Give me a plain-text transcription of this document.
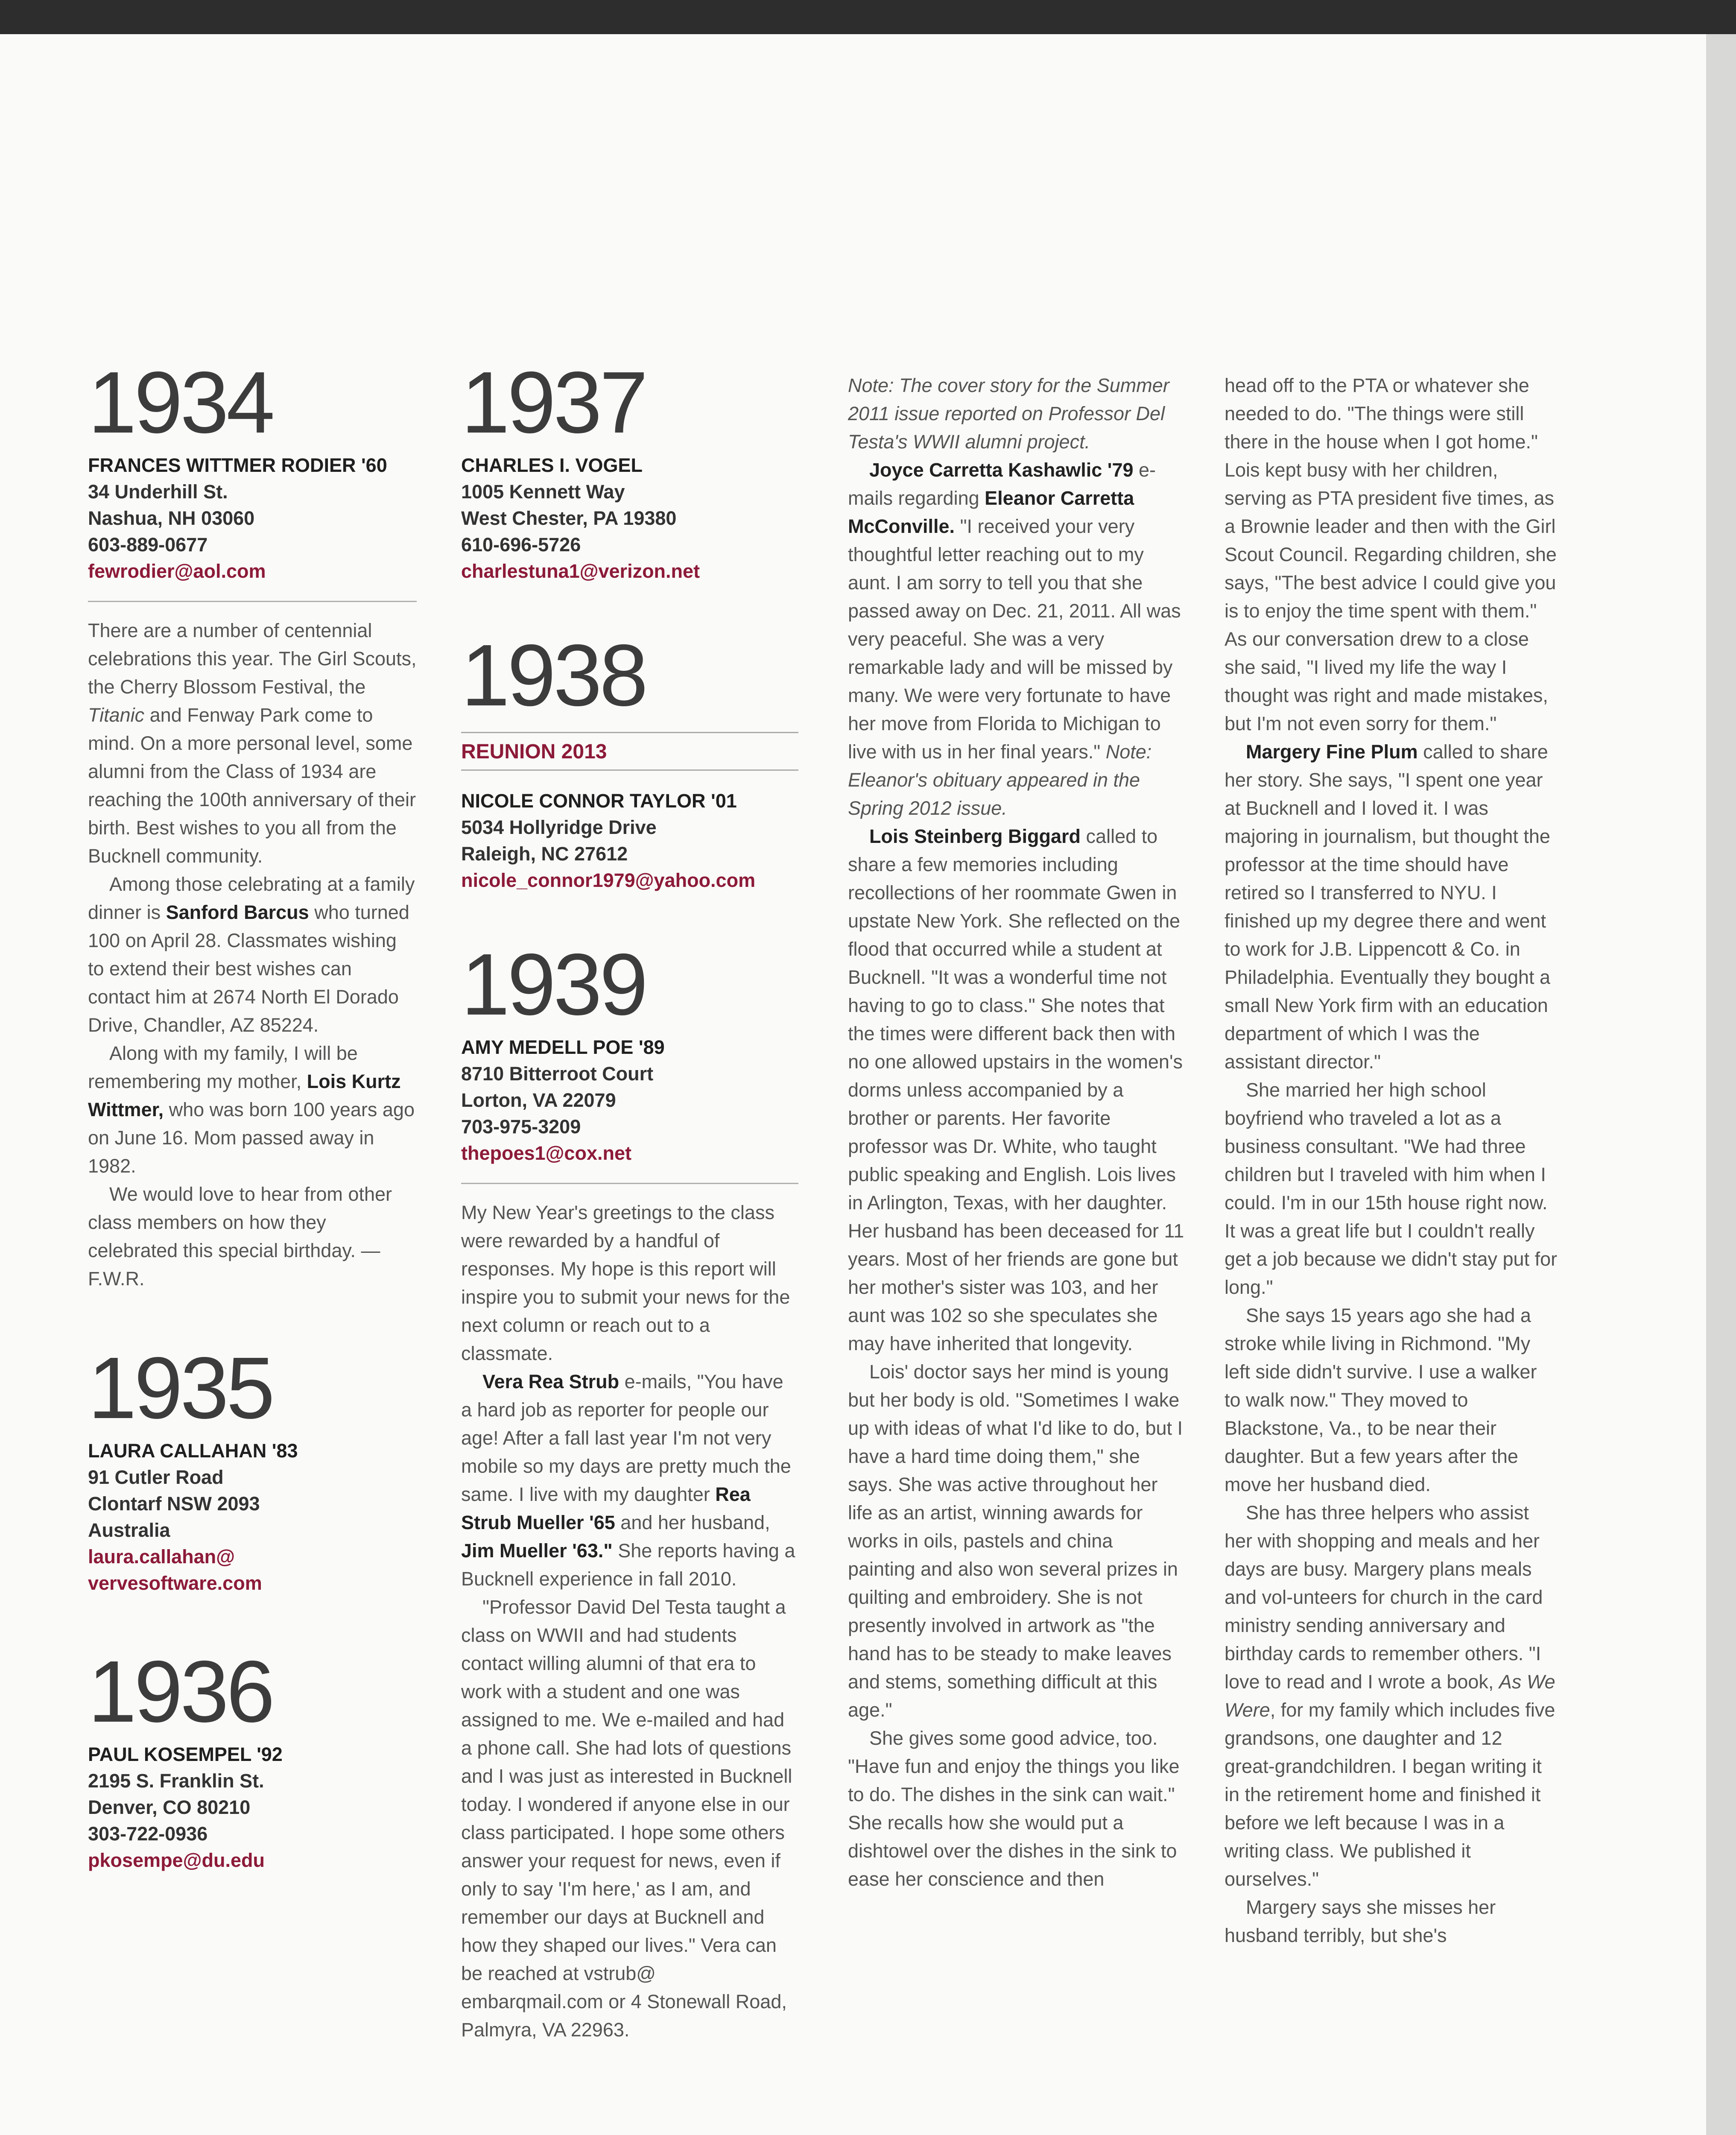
1934
FRANCES WITTMER RODIER '60
34 Underhill St.
Nashua, NH 03060
603-889-0677
fewrodier@aol.com

There are a number of centennial celebrations this year. The Girl Scouts, the Cherry Blossom Festival, the Titanic and Fenway Park come to mind. On a more personal level, some alumni from the Class of 1934 are reaching the 100th anniversary of their birth. Best wishes to you all from the Bucknell community.

Among those celebrating at a family dinner is Sanford Barcus who turned 100 on April 28. Classmates wishing to extend their best wishes can contact him at 2674 North El Dorado Drive, Chandler, AZ 85224.

Along with my family, I will be remembering my mother, Lois Kurtz Wittmer, who was born 100 years ago on June 16. Mom passed away in 1982.

We would love to hear from other class members on how they celebrated this special birthday. — F.W.R.

1935
LAURA CALLAHAN '83
91 Cutler Road
Clontarf NSW 2093
Australia
laura.callahan@
vervesoftware.com
1936
PAUL KOSEMPEL '92
2195 S. Franklin St.
Denver, CO 80210
303-722-0936
pkosempe@du.edu
1937
CHARLES I. VOGEL
1005 Kennett Way
West Chester, PA 19380
610-696-5726
charlestuna1@verizon.net
1938
REUNION 2013
NICOLE CONNOR TAYLOR '01
5034 Hollyridge Drive
Raleigh, NC 27612
nicole_connor1979@yahoo.com
1939
AMY MEDELL POE '89
8710 Bitterroot Court
Lorton, VA 22079
703-975-3209
thepoes1@cox.net

My New Year's greetings to the class were rewarded by a handful of responses. My hope is this report will inspire you to submit your news for the next column or reach out to a classmate.

Vera Rea Strub e-mails, "You have a hard job as reporter for people our age! After a fall last year I'm not very mobile so my days are pretty much the same. I live with my daughter Rea Strub Mueller '65 and her husband, Jim Mueller '63." She reports having a Bucknell experience in fall 2010.

"Professor David Del Testa taught a class on WWII and had students contact willing alumni of that era to work with a student and one was assigned to me. We e-mailed and had a phone call. She had lots of questions and I was just as interested in Bucknell today. I wondered if anyone else in our class participated. I hope some others answer your request for news, even if only to say 'I'm here,' as I am, and remember our days at Bucknell and how they shaped our lives." Vera can be reached at vstrub@ embarqmail.com or 4 Stonewall Road, Palmyra, VA 22963.

Note: The cover story for the Summer 2011 issue reported on Professor Del Testa's WWII alumni project.

Joyce Carretta Kashawlic '79 e-mails regarding Eleanor Carretta McConville. "I received your very thoughtful letter reaching out to my aunt. I am sorry to tell you that she passed away on Dec. 21, 2011. All was very peaceful. She was a very remarkable lady and will be missed by many. We were very fortunate to have her move from Florida to Michigan to live with us in her final years." Note: Eleanor's obituary appeared in the Spring 2012 issue.

Lois Steinberg Biggard called to share a few memories including recollections of her roommate Gwen in upstate New York. She reflected on the flood that occurred while a student at Bucknell. "It was a wonderful time not having to go to class." She notes that the times were different back then with no one allowed upstairs in the women's dorms unless accompanied by a brother or parents. Her favorite professor was Dr. White, who taught public speaking and English. Lois lives in Arlington, Texas, with her daughter. Her husband has been deceased for 11 years. Most of her friends are gone but her mother's sister was 103, and her aunt was 102 so she speculates she may have inherited that longevity.

Lois' doctor says her mind is young but her body is old. "Sometimes I wake up with ideas of what I'd like to do, but I have a hard time doing them," she says. She was active throughout her life as an artist, winning awards for works in oils, pastels and china painting and also won several prizes in quilting and embroidery. She is not presently involved in artwork as "the hand has to be steady to make leaves and stems, something difficult at this age."

She gives some good advice, too. "Have fun and enjoy the things you like to do. The dishes in the sink can wait." She recalls how she would put a dishtowel over the dishes in the sink to ease her conscience and then

head off to the PTA or whatever she needed to do. "The things were still there in the house when I got home." Lois kept busy with her children, serving as PTA president five times, as a Brownie leader and then with the Girl Scout Council. Regarding children, she says, "The best advice I could give you is to enjoy the time spent with them." As our conversation drew to a close she said, "I lived my life the way I thought was right and made mistakes, but I'm not even sorry for them."

Margery Fine Plum called to share her story. She says, "I spent one year at Bucknell and I loved it. I was majoring in journalism, but thought the professor at the time should have retired so I transferred to NYU. I finished up my degree there and went to work for J.B. Lippencott & Co. in Philadelphia. Eventually they bought a small New York firm with an education department of which I was the assistant director."

She married her high school boyfriend who traveled a lot as a business consultant. "We had three children but I traveled with him when I could. I'm in our 15th house right now. It was a great life but I couldn't really get a job because we didn't stay put for long."

She says 15 years ago she had a stroke while living in Richmond. "My left side didn't survive. I use a walker to walk now." They moved to Blackstone, Va., to be near their daughter. But a few years after the move her husband died.

She has three helpers who assist her with shopping and meals and her days are busy. Margery plans meals and vol-unteers for church in the card ministry sending anniversary and birthday cards to remember others. "I love to read and I wrote a book, As We Were, for my family which includes five grandsons, one daughter and 12 great-grandchildren. I began writing it in the retirement home and finished it before we left because I was in a writing class. We published it ourselves."

Margery says she misses her husband terribly, but she's
